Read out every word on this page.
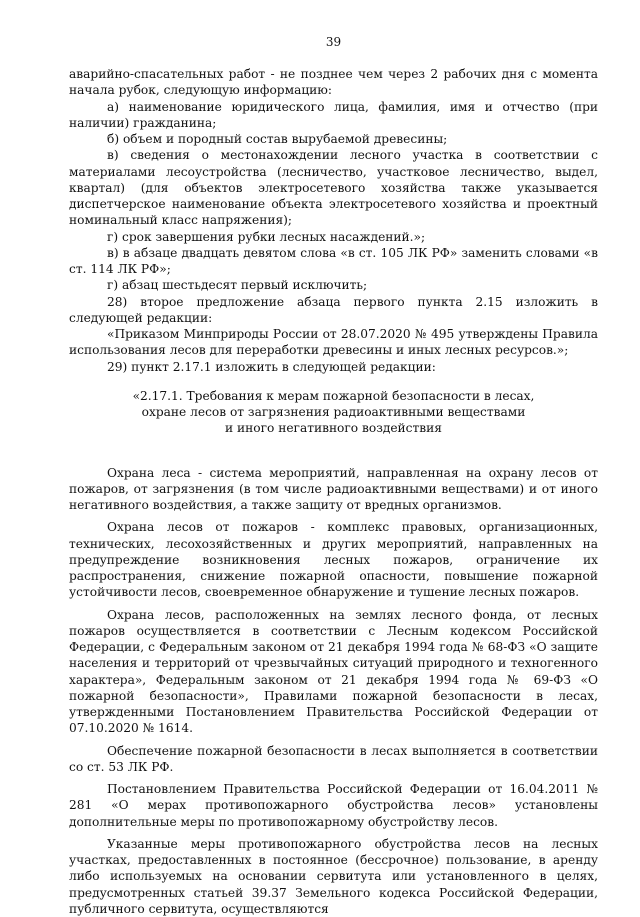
39

аварийно-спасательных работ - не позднее чем через 2 рабочих дня с момента начала рубок, следующую информацию:

а) наименование юридического лица, фамилия, имя и отчество (при наличии) гражданина;

б) объем и породный состав вырубаемой древесины;

в) сведения о местонахождении лесного участка в соответствии с материалами лесоустройства (лесничество, участковое лесничество, выдел, квартал) (для объектов электросетевого хозяйства также указывается диспетчерское наименование объекта электросетевого хозяйства и проектный номинальный класс напряжения);

г) срок завершения рубки лесных насаждений.»;

в) в абзаце двадцать девятом слова «в ст. 105 ЛК РФ» заменить словами «в ст. 114 ЛК РФ»;

г) абзац шестьдесят первый исключить;

28) второе предложение абзаца первого пункта 2.15 изложить в следующей редакции:

«Приказом Минприроды России от 28.07.2020 № 495 утверждены Правила использования лесов для переработки древесины и иных лесных ресурсов.»;

29) пункт 2.17.1 изложить в следующей редакции:

«2.17.1. Требования к мерам пожарной безопасности в лесах,
охране лесов от загрязнения радиоактивными веществами
и иного негативного воздействия

Охрана леса - система мероприятий, направленная на охрану лесов от пожаров, от загрязнения (в том числе радиоактивными веществами) и от иного негативного воздействия, а также защиту от вредных организмов.

Охрана лесов от пожаров - комплекс правовых, организационных, технических, лесохозяйственных и других мероприятий, направленных на предупреждение возникновения лесных пожаров, ограничение их распространения, снижение пожарной опасности, повышение пожарной устойчивости лесов, своевременное обнаружение и тушение лесных пожаров.

Охрана лесов, расположенных на землях лесного фонда, от лесных пожаров осуществляется в соответствии с Лесным кодексом Российской Федерации, с Федеральным законом от 21 декабря 1994 года № 68-ФЗ «О защите населения и территорий от чрезвычайных ситуаций природного и техногенного характера», Федеральным законом от 21 декабря 1994 года № 69-ФЗ «О пожарной безопасности», Правилами пожарной безопасности в лесах, утвержденными Постановлением Правительства Российской Федерации от 07.10.2020 № 1614.

Обеспечение пожарной безопасности в лесах выполняется в соответствии со ст. 53 ЛК РФ.

Постановлением Правительства Российской Федерации от 16.04.2011 № 281 «О мерах противопожарного обустройства лесов» установлены дополнительные меры по противопожарному обустройству лесов.

Указанные меры противопожарного обустройства лесов на лесных участках, предоставленных в постоянное (бессрочное) пользование, в аренду либо используемых на основании сервитута или установленного в целях, предусмотренных статьей 39.37 Земельного кодекса Российской Федерации, публичного сервитута, осуществляются
